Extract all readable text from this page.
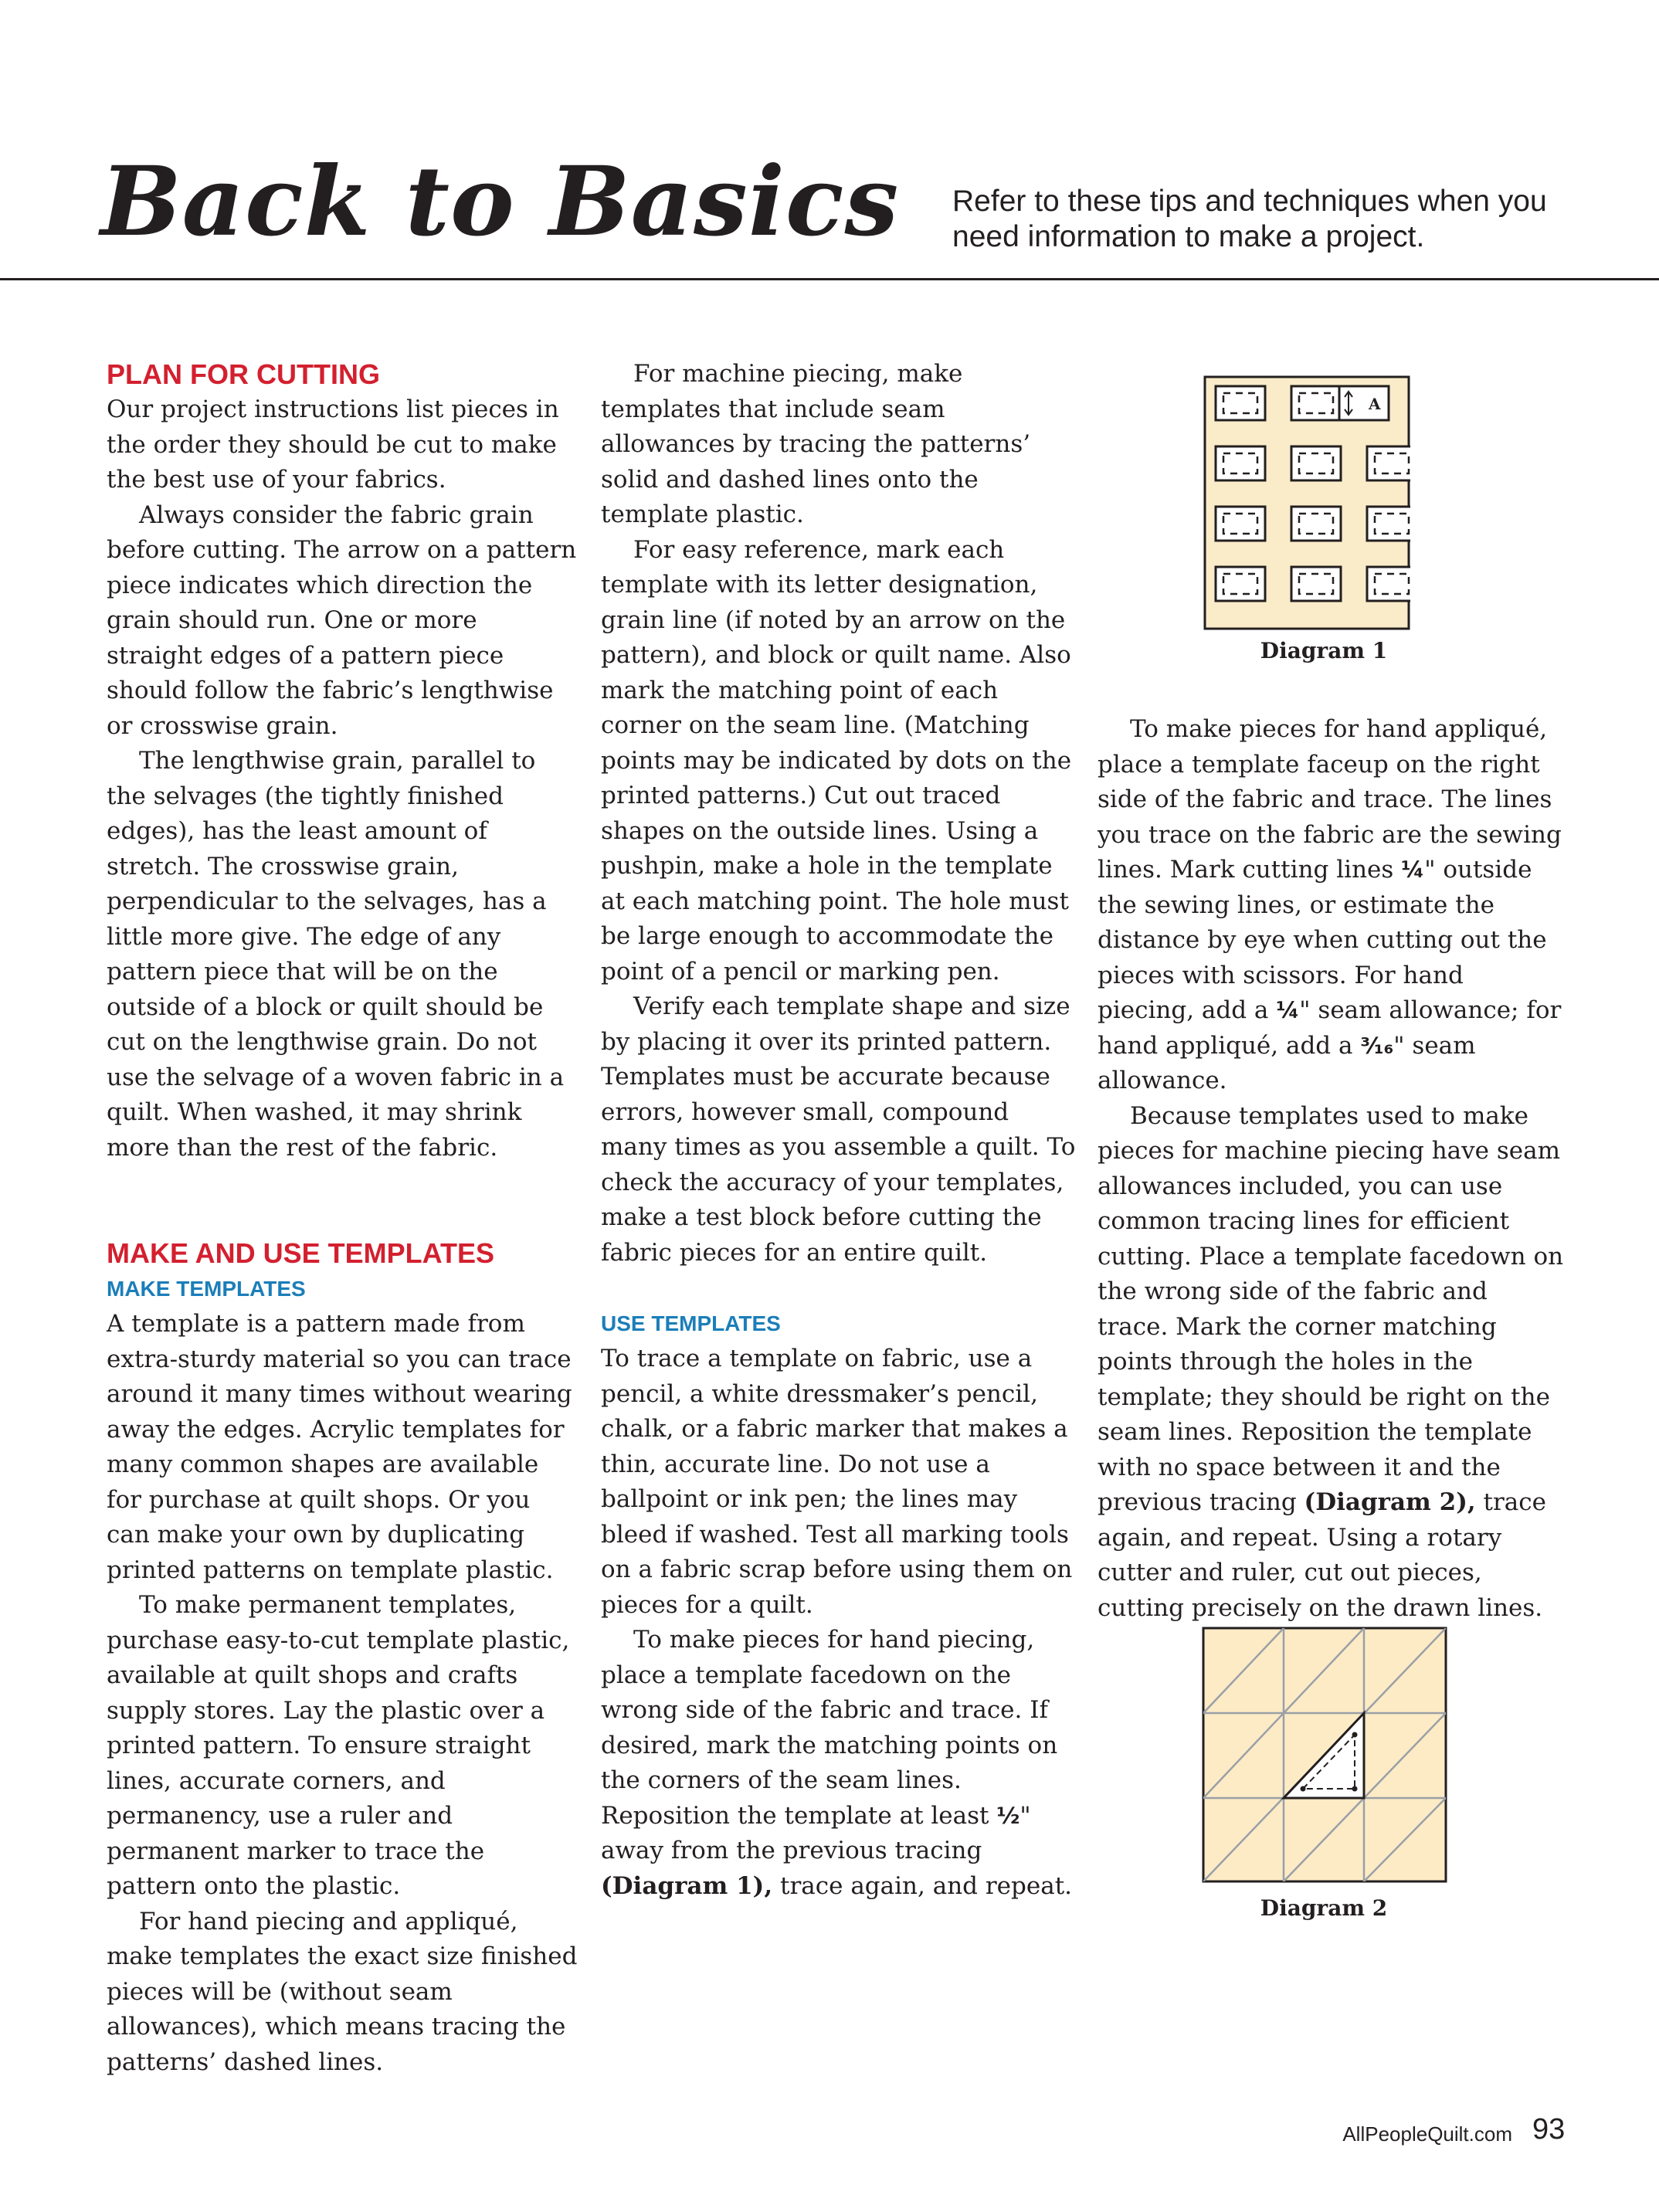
Back to Basics Refer to these tips and techniques when you need information to make a project.
PLAN FOR CUTTING

Our project instructions list pieces in the order they should be cut to make the best use of your fabrics.

Always consider the fabric grain before cutting. The arrow on a pattern piece indicates which direction the grain should run. One or more straight edges of a pattern piece should follow the fabric’s lengthwise or crosswise grain.

The lengthwise grain, parallel to the selvages (the tightly finished edges), has the least amount of stretch. The crosswise grain, perpendicular to the selvages, has a little more give. The edge of any pattern piece that will be on the outside of a block or quilt should be cut on the lengthwise grain. Do not use the selvage of a woven fabric in a quilt. When washed, it may shrink more than the rest of the fabric.

MAKE AND USE TEMPLATES
MAKE TEMPLATES

A template is a pattern made from extra-sturdy material so you can trace around it many times without wearing away the edges. Acrylic templates for many common shapes are available for purchase at quilt shops. Or you can make your own by duplicating printed patterns on template plastic.

To make permanent templates, purchase easy-to-cut template plastic, available at quilt shops and crafts supply stores. Lay the plastic over a printed pattern. To ensure straight lines, accurate corners, and permanency, use a ruler and permanent marker to trace the pattern onto the plastic.

For hand piecing and appliqué, make templates the exact size finished pieces will be (without seam allowances), which means tracing the patterns’ dashed lines.

For machine piecing, make templates that include seam allowances by tracing the patterns’ solid and dashed lines onto the template plastic.

For easy reference, mark each template with its letter designation, grain line (if noted by an arrow on the pattern), and block or quilt name. Also mark the matching point of each corner on the seam line. (Matching points may be indicated by dots on the printed patterns.) Cut out traced shapes on the outside lines. Using a pushpin, make a hole in the template at each matching point. The hole must be large enough to accommodate the point of a pencil or marking pen.

Verify each template shape and size by placing it over its printed pattern. Templates must be accurate because errors, however small, compound many times as you assemble a quilt. To check the accuracy of your templates, make a test block before cutting the fabric pieces for an entire quilt.

USE TEMPLATES

To trace a template on fabric, use a pencil, a white dressmaker’s pencil, chalk, or a fabric marker that makes a thin, accurate line. Do not use a ballpoint or ink pen; the lines may bleed if washed. Test all marking tools on a fabric scrap before using them on pieces for a quilt.

To make pieces for hand piecing, place a template facedown on the wrong side of the fabric and trace. If desired, mark the matching points on the corners of the seam lines. Reposition the template at least ½" away from the previous tracing (Diagram 1), trace again, and repeat.

To make pieces for hand appliqué, place a template faceup on the right side of the fabric and trace. The lines you trace on the fabric are the sewing lines. Mark cutting lines ¼" outside the sewing lines, or estimate the distance by eye when cutting out the pieces with scissors. For hand piecing, add a ¼" seam allowance; for hand appliqué, add a ³⁄₁₆" seam allowance.

Because templates used to make pieces for machine piecing have seam allowances included, you can use common tracing lines for efficient cutting. Place a template facedown on the wrong side of the fabric and trace. Mark the corner matching points through the holes in the template; they should be right on the seam lines. Reposition the template with no space between it and the previous tracing (Diagram 2), trace again, and repeat. Using a rotary cutter and ruler, cut out pieces, cutting precisely on the drawn lines.

A
Diagram 1
Diagram 2
AllPeopleQuilt.com 93
